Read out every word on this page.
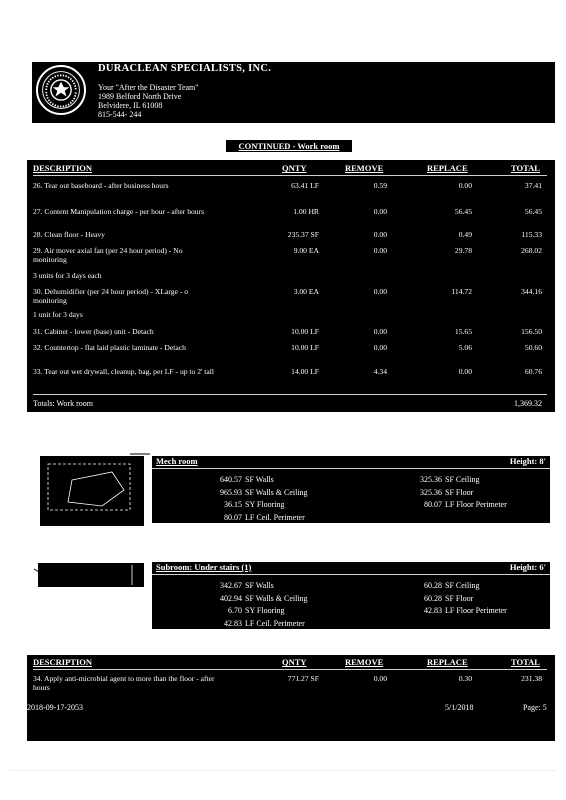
DURACLEAN SPECIALISTS, INC.
Your "After the Disaster Team"
1989 Belford North Drive
Belvidere, IL 61008
815-544- 244
CONTINUED - Work room
DESCRIPTION	QNTY	REMOVE	REPLACE	TOTAL
26. Tear out baseboard - after business hours	63.41 LF	0.59	0.00	37.41
27. Content Manipulation charge - per hour - after hours	1.00 HR	0.00	56.45	56.45
28. Clean floor - Heavy	235.37 SF	0.00	0.49	115.33
29. Air mover axial fan (per 24 hour period) - No monitoring
9.00 EA	0.00	29.78	268.02
3 units for 3 days each
30. Dehumidifier (per 24 hour period) - XLarge - o monitoring
3.00 EA	0.00	114.72	344.16
1 unit for 3 days
31. Cabinet - lower (base) unit - Detach	10.00 LF	0.00	15.65	156.50
32. Countertop - flat laid plastic laminate - Detach	10.00 LF	0.00	5.06	50.60
33. Tear out wet drywall, cleanup, bag, per LF - up to 2' tall	14.00 LF	4.34	0.00	60.76
Totals: Work room	1,369.32
Mech room	Height: 8'
640.57 SF Walls
965.93 SF Walls & Ceiling
36.15 SY Flooring
80.07 LF Ceil. Perimeter
325.36 SF Ceiling
325.36 SF Floor
80.07 LF Floor Perimeter
Subroom: Under stairs (1)	Height: 6'
342.67 SF Walls
402.94 SF Walls & Ceiling
6.70 SY Flooring
42.83 LF Ceil. Perimeter
60.28 SF Ceiling
60.28 SF Floor
42.83 LF Floor Perimeter
DESCRIPTION	QNTY	REMOVE	REPLACE	TOTAL
34. Apply anti-microbial agent to more than the floor - after hours
771.27 SF	0.00	0.30	231.38
2018-09-17-2053	5/1/2018	Page: 5
BIT III
